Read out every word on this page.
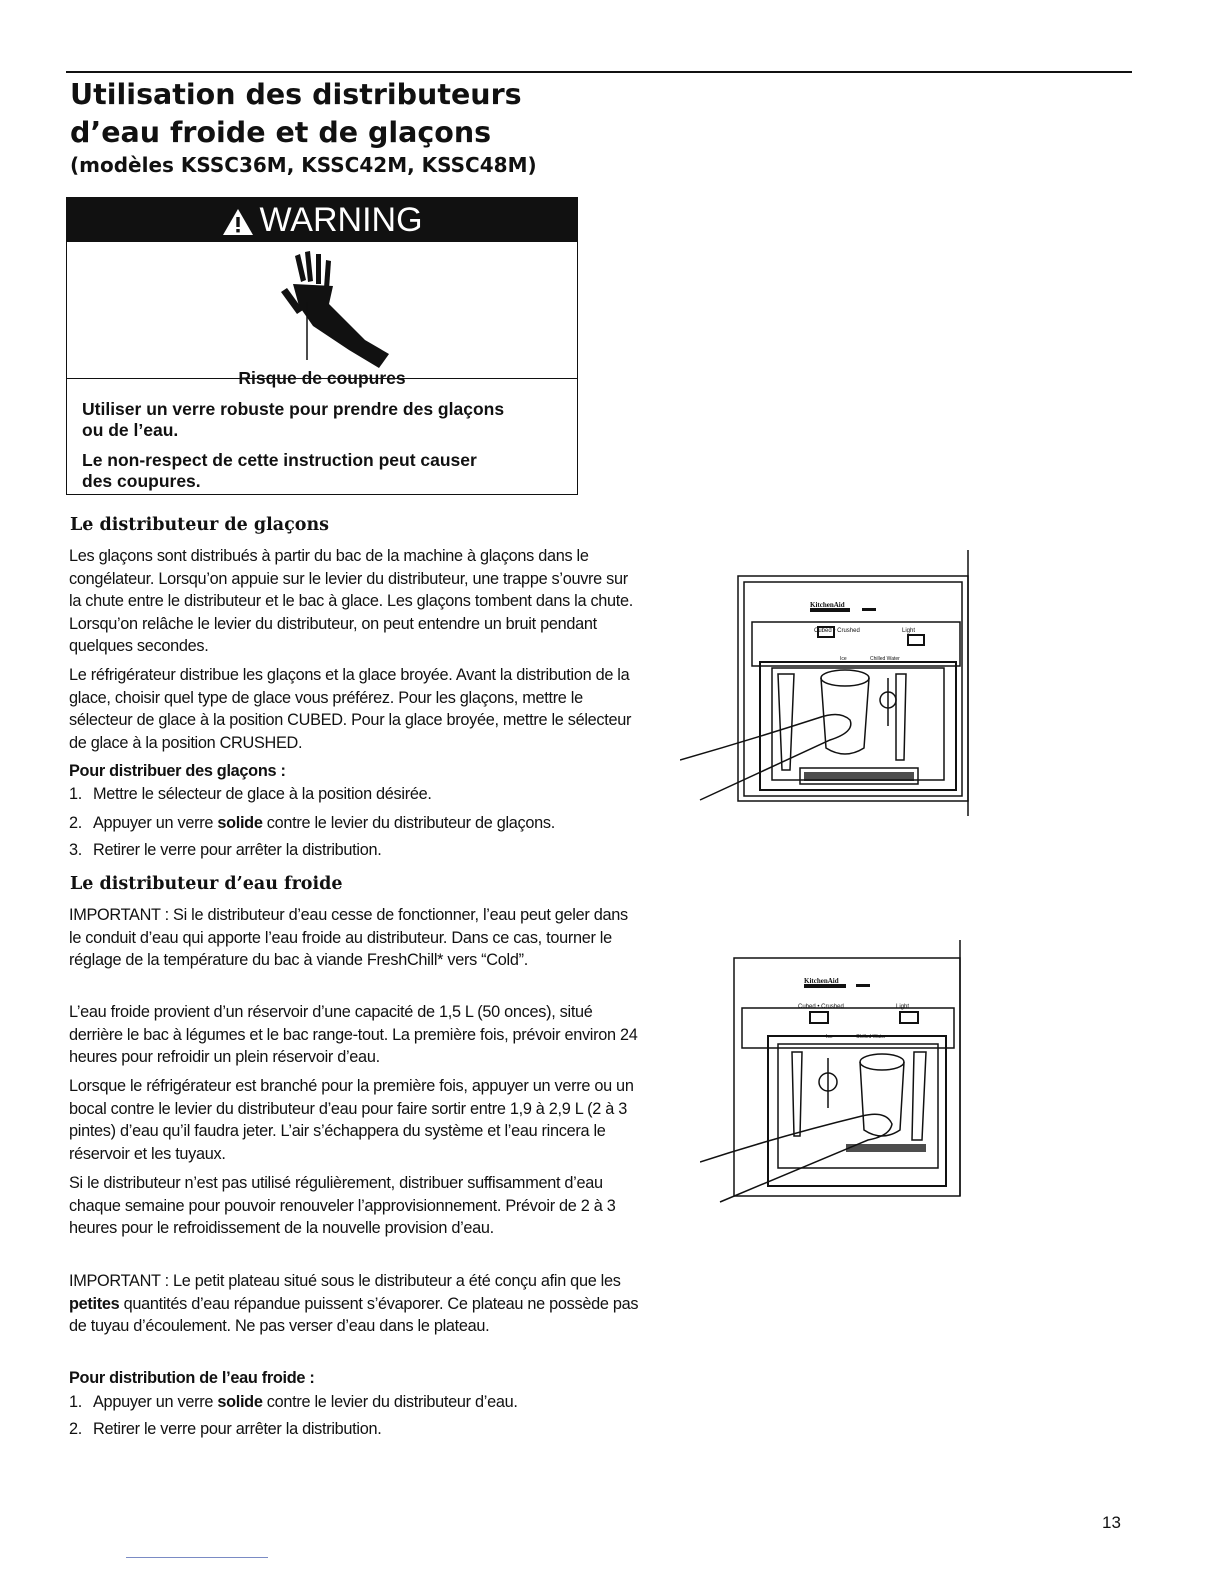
Utilisation des distributeurs
d’eau froide et de glaçons

(modèles KSSC36M, KSSC42M, KSSC48M)

WARNING

Risque de coupures

Utiliser un verre robuste pour prendre des glaçons

ou de l’eau.

Le non-respect de cette instruction peut causer

des coupures.

Le distributeur de glaçons

Les glaçons sont distribués à partir du bac de la machine à glaçons dans le congélateur. Lorsqu’on appuie sur le levier du distributeur, une trappe s’ouvre sur la chute entre le distributeur et le bac à glace. Les glaçons tombent dans la chute. Lorsqu’on relâche le levier du distributeur, on peut entendre un bruit pendant quelques secondes.

Le réfrigérateur distribue les glaçons et la glace broyée. Avant la distribution de la glace, choisir quel type de glace vous préférez. Pour les glaçons, mettre le sélecteur de glace à la position CUBED. Pour la glace broyée, mettre le sélecteur de glace à la position CRUSHED.

Pour distribuer des glaçons :

1. Mettre le sélecteur de glace à la position désirée.

2. Appuyer un verre solide contre le levier du distributeur de glaçons.

3. Retirer le verre pour arrêter la distribution.

Le distributeur d’eau froide

IMPORTANT : Si le distributeur d’eau cesse de fonctionner, l’eau peut geler dans le conduit d’eau qui apporte l’eau froide au distributeur. Dans ce cas, tourner le réglage de la température du bac à viande FreshChill* vers “Cold”.

L’eau froide provient d’un réservoir d’une capacité de 1,5 L (50 onces), situé derrière le bac à légumes et le bac range-tout. La première fois, prévoir environ 24 heures pour refroidir un plein réservoir d’eau.

Lorsque le réfrigérateur est branché pour la première fois, appuyer un verre ou un bocal contre le levier du distributeur d’eau pour faire sortir entre 1,9 à 2,9 L (2 à 3 pintes) d’eau qu’il faudra jeter. L’air s’échappera du système et l’eau rincera le réservoir et les tuyaux.

Si le distributeur n’est pas utilisé régulièrement, distribuer suffisamment d’eau chaque semaine pour pouvoir renouveler l’approvisionnement. Prévoir de 2 à 3 heures pour le refroidissement de la nouvelle provision d’eau.

IMPORTANT : Le petit plateau situé sous le distributeur a été conçu afin que les petites quantités d’eau répandue puissent s’évaporer. Ce plateau ne possède pas de tuyau d’écoulement. Ne pas verser d’eau dans le plateau.

Pour distribution de l’eau froide :

1. Appuyer un verre solide contre le levier du distributeur d’eau.

2. Retirer le verre pour arrêter la distribution.

Cubed • Crushed	Light
Ice	Chilled Water
KitchenAid
Cubed • Crushed	Light
Ice	Chilled Water
KitchenAid
13
